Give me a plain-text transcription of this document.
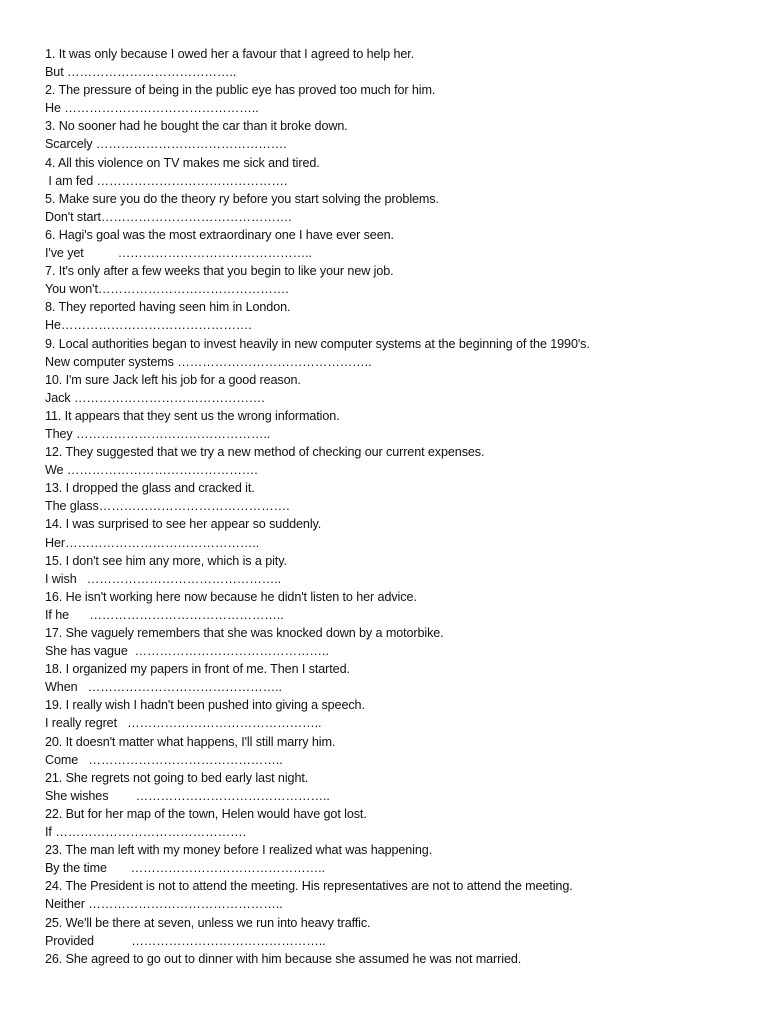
1. It was only because I owed her a favour that I agreed to help her.
But …………………………………..
2. The pressure of being in the public eye has proved too much for him.
He ………………………………………..
3. No sooner had he bought the car than it broke down.
Scarcely ……………………………………….
4. All this violence on TV makes me sick and tired.
I am fed ……………………………………….
5. Make sure you do the theory ry before you start solving the problems.
Don't start……………………………………….
6. Hagi's goal was the most extraordinary one I have ever seen.
I've yet          ………………………………………..
7. It's only after a few weeks that you begin to like your new job.
You won't……………………………………….
8. They reported having seen him in London.
He……………………………………….
9. Local authorities began to invest heavily in new computer systems at the beginning of the 1990's.
New computer systems ………………………………………..
10. I'm sure Jack left his job for a good reason.
Jack ……………………………………….
11. It appears that they sent us the wrong information.
They ………………………………………..
12. They suggested that we try a new method of checking our current expenses.
We ……………………………………….
13. I dropped the glass and cracked it.
The glass……………………………………….
14. I was surprised to see her appear so suddenly.
Her………………………………………..
15. I don't see him any more, which is a pity.
I wish   ………………………………………..
16. He isn't working here now because he didn't listen to her advice.
If he      ………………………………………..
17. She vaguely remembers that she was knocked down by a motorbike.
She has vague  ………………………………………..
18. I organized my papers in front of me. Then I started.
When   ………………………………………..
19. I really wish I hadn't been pushed into giving a speech.
I really regret   ………………………………………..
20. It doesn't matter what happens, I'll still marry him.
Come   ………………………………………..
21. She regrets not going to bed early last night.
She wishes        ………………………………………..
22. But for her map of the town, Helen would have got lost.
If ……………………………………….
23. The man left with my money before I realized what was happening.
By the time       ………………………………………..
24. The President is not to attend the meeting. His representatives are not to attend the meeting.
Neither ………………………………………..
25. We'll be there at seven, unless we run into heavy traffic.
Provided           ………………………………………..
26. She agreed to go out to dinner with him because she assumed he was not married.
